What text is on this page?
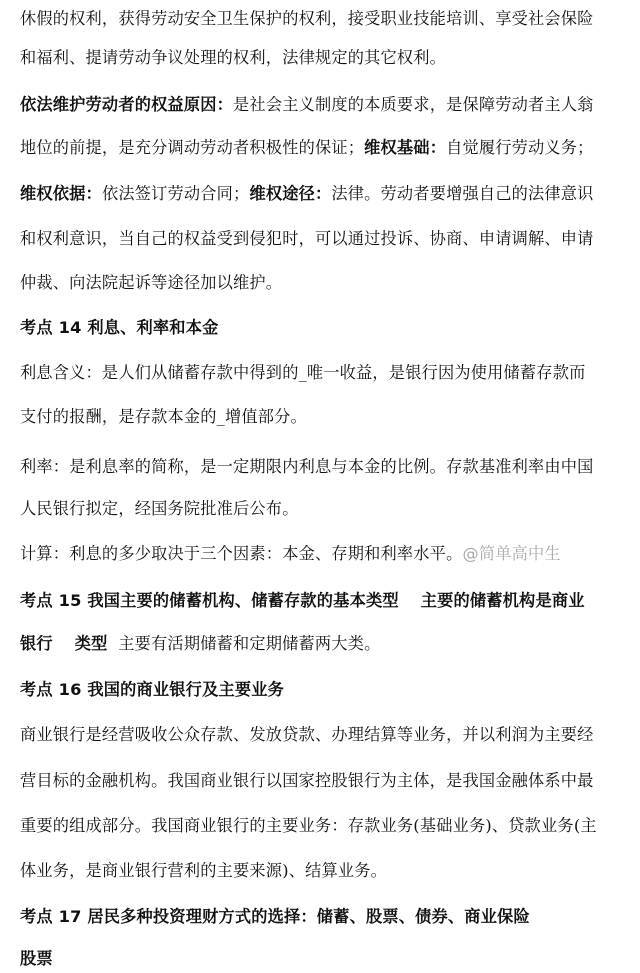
休假的权利，获得劳动安全卫生保护的权利，接受职业技能培训、享受社会保险
和福利、提请劳动争议处理的权利，法律规定的其它权利。
依法维护劳动者的权益原因：是社会主义制度的本质要求，是保障劳动者主人翁
地位的前提，是充分调动劳动者积极性的保证；维权基础：自觉履行劳动义务；
维权依据：依法签订劳动合同；维权途径：法律。劳动者要增强自己的法律意识
和权利意识，当自己的权益受到侵犯时，可以通过投诉、协商、申请调解、申请
仲裁、向法院起诉等途径加以维护。
考点 14 利息、利率和本金
利息含义：是人们从储蓄存款中得到的_唯一收益，是银行因为使用储蓄存款而
支付的报酬，是存款本金的_增值部分。
利率：是利息率的简称，是一定期限内利息与本金的比例。存款基准利率由中国
人民银行拟定，经国务院批准后公布。
计算：利息的多少取决于三个因素：本金、存期和利率水平。@简单高中生
考点 15 我国主要的储蓄机构、储蓄存款的基本类型 主要的储蓄机构是商业
银行 类型 主要有活期储蓄和定期储蓄两大类。
考点 16 我国的商业银行及主要业务
商业银行是经营吸收公众存款、发放贷款、办理结算等业务，并以利润为主要经
营目标的金融机构。我国商业银行以国家控股银行为主体，是我国金融体系中最
重要的组成部分。我国商业银行的主要业务：存款业务(基础业务)、贷款业务(主
体业务，是商业银行营利的主要来源)、结算业务。
考点 17 居民多种投资理财方式的选择：储蓄、股票、债券、商业保险
股票
